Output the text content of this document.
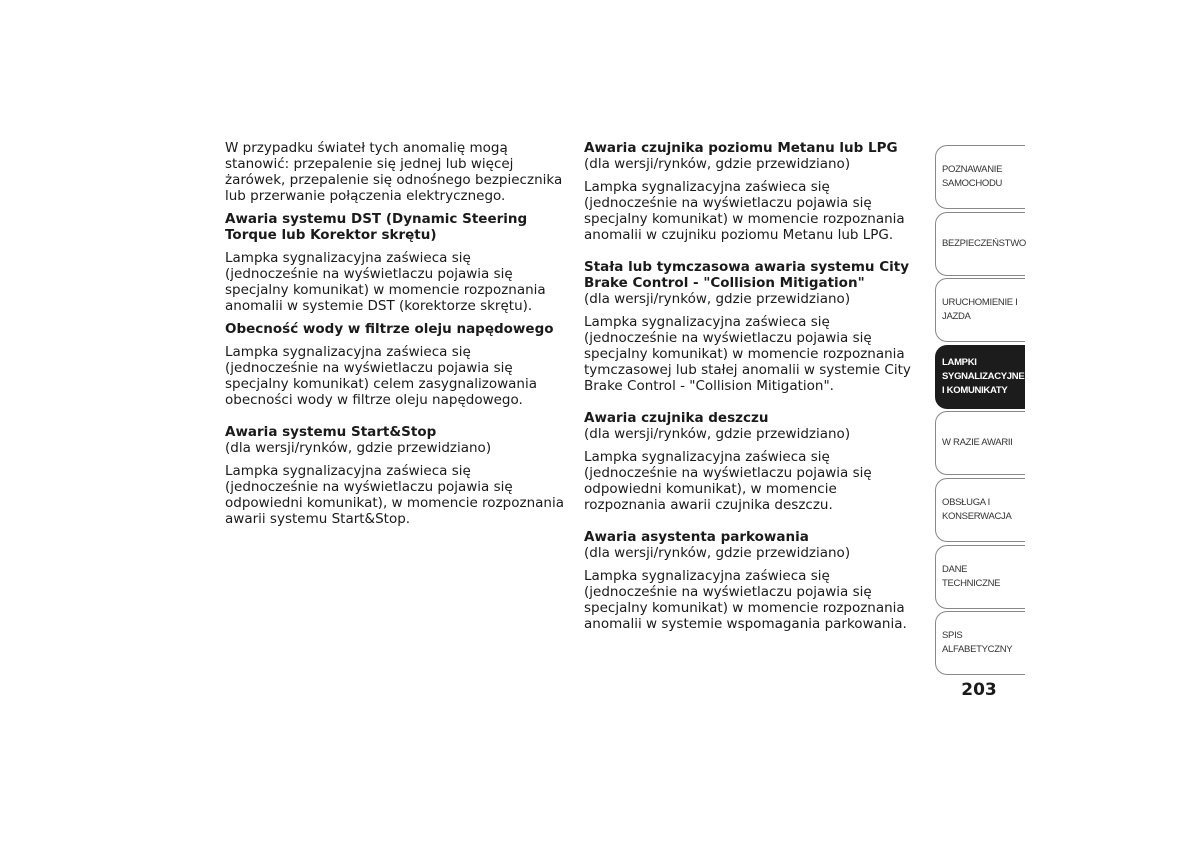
W przypadku świateł tych anomalię mogą stanowić: przepalenie się jednej lub więcej żarówek, przepalenie się odnośnego bezpiecznika lub przerwanie połączenia elektrycznego.

Awaria systemu DST (Dynamic Steering Torque lub Korektor skrętu)

Lampka sygnalizacyjna zaświeca się (jednocześnie na wyświetlaczu pojawia się specjalny komunikat) w momencie rozpoznania anomalii w systemie DST (korektorze skrętu).

Obecność wody w filtrze oleju napędowego

Lampka sygnalizacyjna zaświeca się (jednocześnie na wyświetlaczu pojawia się specjalny komunikat) celem zasygnalizowania obecności wody w filtrze oleju napędowego.

Awaria systemu Start&Stop

(dla wersji/rynków, gdzie przewidziano)

Lampka sygnalizacyjna zaświeca się (jednocześnie na wyświetlaczu pojawia się odpowiedni komunikat), w momencie rozpoznania awarii systemu Start&Stop.

Awaria czujnika poziomu Metanu lub LPG

(dla wersji/rynków, gdzie przewidziano)

Lampka sygnalizacyjna zaświeca się (jednocześnie na wyświetlaczu pojawia się specjalny komunikat) w momencie rozpoznania anomalii w czujniku poziomu Metanu lub LPG.

Stała lub tymczasowa awaria systemu City Brake Control - "Collision Mitigation"

(dla wersji/rynków, gdzie przewidziano)

Lampka sygnalizacyjna zaświeca się (jednocześnie na wyświetlaczu pojawia się specjalny komunikat) w momencie rozpoznania tymczasowej lub stałej anomalii w systemie City Brake Control - "Collision Mitigation".

Awaria czujnika deszczu

(dla wersji/rynków, gdzie przewidziano)

Lampka sygnalizacyjna zaświeca się (jednocześnie na wyświetlaczu pojawia się odpowiedni komunikat), w momencie rozpoznania awarii czujnika deszczu.

Awaria asystenta parkowania

(dla wersji/rynków, gdzie przewidziano)

Lampka sygnalizacyjna zaświeca się (jednocześnie na wyświetlaczu pojawia się specjalny komunikat) w momencie rozpoznania anomalii w systemie wspomagania parkowania.

POZNAWANIE
SAMOCHODU
BEZPIECZEŃSTWO
URUCHOMIENIE I
JAZDA
LAMPKI
SYGNALIZACYJNE
I KOMUNIKATY
W RAZIE AWARII
OBSŁUGA I
KONSERWACJA
DANE TECHNICZNE
SPIS ALFABETYCZNY
203
